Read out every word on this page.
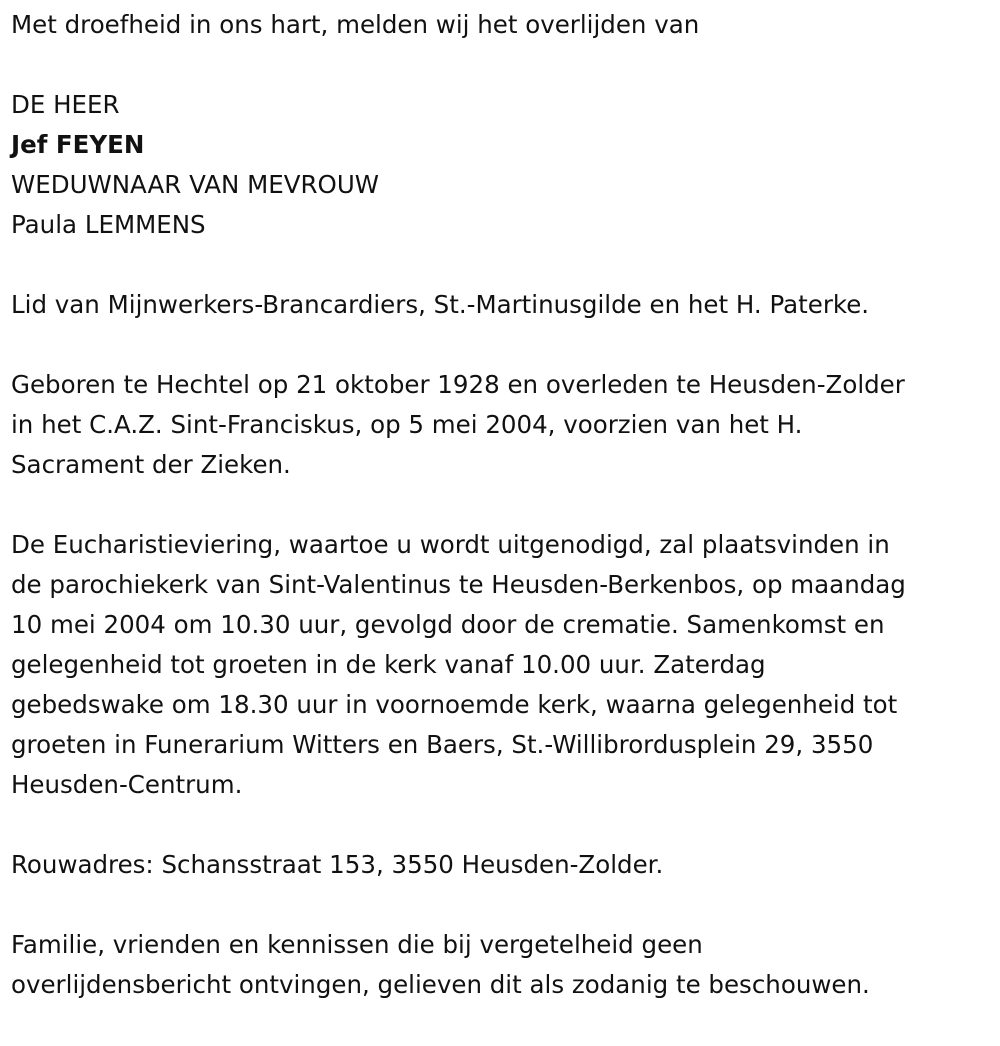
Met droefheid in ons hart, melden wij het overlijden van

DE HEER

Jef FEYEN

WEDUWNAAR VAN MEVROUW

Paula LEMMENS

Lid van Mijnwerkers-Brancardiers, St.-Martinusgilde en het H. Paterke.

Geboren te Hechtel op 21 oktober 1928 en overleden te Heusden-Zolder
in het C.A.Z. Sint-Franciskus, op 5 mei 2004, voorzien van het H.
Sacrament der Zieken.

De Eucharistieviering, waartoe u wordt uitgenodigd, zal plaatsvinden in
de parochiekerk van Sint-Valentinus te Heusden-Berkenbos, op maandag
10 mei 2004 om 10.30 uur, gevolgd door de crematie. Samenkomst en
gelegenheid tot groeten in de kerk vanaf 10.00 uur. Zaterdag
gebedswake om 18.30 uur in voornoemde kerk, waarna gelegenheid tot
groeten in Funerarium Witters en Baers, St.-Willibrordusplein 29, 3550
Heusden-Centrum.

Rouwadres: Schansstraat 153, 3550 Heusden-Zolder.

Familie, vrienden en kennissen die bij vergetelheid geen
overlijdensbericht ontvingen, gelieven dit als zodanig te beschouwen.
